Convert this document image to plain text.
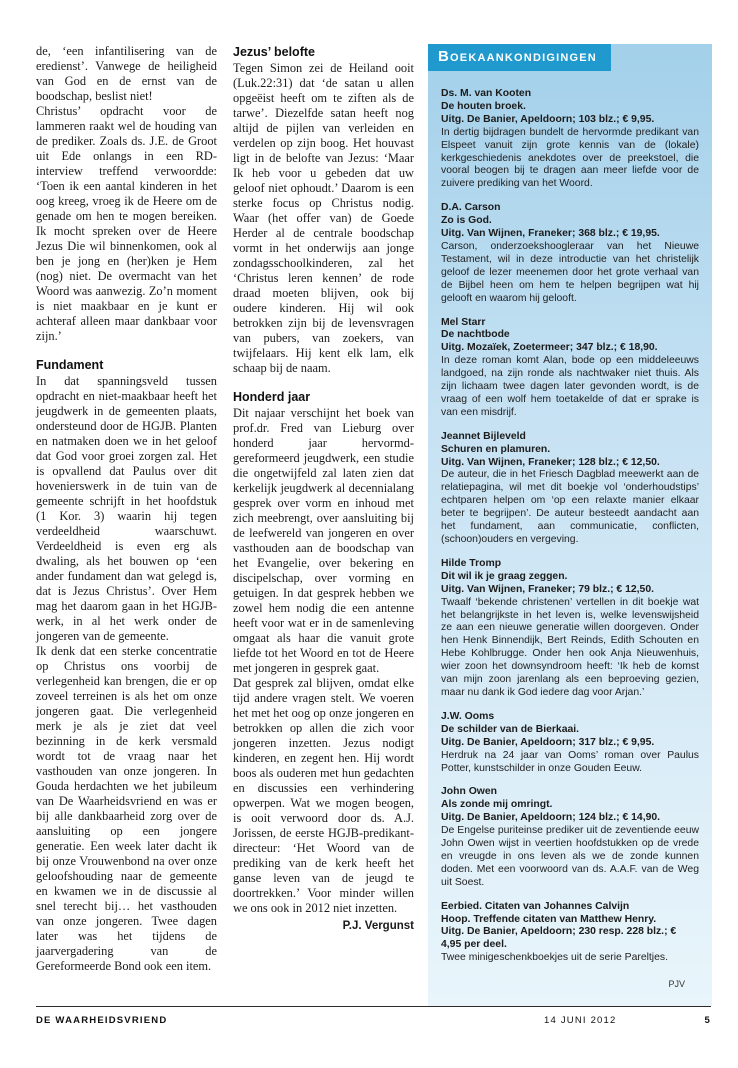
de, ‘een infantilisering van de eredienst’. Vanwege de heiligheid van God en de ernst van de boodschap, beslist niet!

Christus’ opdracht voor de lammeren raakt wel de houding van de prediker. Zoals ds. J.E. de Groot uit Ede onlangs in een RD-interview treffend verwoordde: ‘Toen ik een aantal kinderen in het oog kreeg, vroeg ik de Heere om de genade om hen te mogen bereiken. Ik mocht spreken over de Heere Jezus Die wil binnenkomen, ook al ben je jong en (her)ken je Hem (nog) niet. De overmacht van het Woord was aanwezig. Zo’n moment is niet maakbaar en je kunt er achteraf alleen maar dankbaar voor zijn.’

Fundament

In dat spanningsveld tussen opdracht en niet-maakbaar heeft het jeugdwerk in de gemeenten plaats, ondersteund door de HGJB. Planten en natmaken doen we in het geloof dat God voor groei zorgen zal. Het is opvallend dat Paulus over dit hovenierswerk in de tuin van de gemeente schrijft in het hoofdstuk (1 Kor. 3) waarin hij tegen verdeeldheid waarschuwt. Verdeeldheid is even erg als dwaling, als het bouwen op ‘een ander fundament dan wat gelegd is, dat is Jezus Christus’. Over Hem mag het daarom gaan in het HGJB-werk, in al het werk onder de jongeren van de gemeente.

Ik denk dat een sterke concentratie op Christus ons voorbij de verlegenheid kan brengen, die er op zoveel terreinen is als het om onze jongeren gaat. Die verlegenheid merk je als je ziet dat veel bezinning in de kerk versmald wordt tot de vraag naar het vasthouden van onze jongeren. In Gouda herdachten we het jubileum van De Waarheidsvriend en was er bij alle dankbaarheid zorg over de aansluiting op een jongere generatie. Een week later dacht ik bij onze Vrouwenbond na over onze geloofshouding naar de gemeente en kwamen we in de discussie al snel terecht bij… het vasthouden van onze jongeren. Twee dagen later was het tijdens de jaarvergadering van de Gereformeerde Bond ook een item.

Jezus’ belofte

Tegen Simon zei de Heiland ooit (Luk.22:31) dat ‘de satan u allen opgeëist heeft om te ziften als de tarwe’. Diezelfde satan heeft nog altijd de pijlen van verleiden en verdelen op zijn boog. Het houvast ligt in de belofte van Jezus: ‘Maar Ik heb voor u gebeden dat uw geloof niet ophoudt.’ Daarom is een sterke focus op Christus nodig. Waar (het offer van) de Goede Herder al de centrale boodschap vormt in het onderwijs aan jonge zondagsschoolkinderen, zal het ‘Christus leren kennen’ de rode draad moeten blijven, ook bij oudere kinderen. Hij wil ook betrokken zijn bij de levensvragen van pubers, van zoekers, van twijfelaars. Hij kent elk lam, elk schaap bij de naam.

Honderd jaar

Dit najaar verschijnt het boek van prof.dr. Fred van Lieburg over honderd jaar hervormd-gereformeerd jeugdwerk, een studie die ongetwijfeld zal laten zien dat kerkelijk jeugdwerk al decennialang gesprek over vorm en inhoud met zich meebrengt, over aansluiting bij de leefwereld van jongeren en over vasthouden aan de boodschap van het Evangelie, over bekering en discipelschap, over vorming en getuigen. In dat gesprek hebben we zowel hem nodig die een antenne heeft voor wat er in de samenleving omgaat als haar die vanuit grote liefde tot het Woord en tot de Heere met jongeren in gesprek gaat.

Dat gesprek zal blijven, omdat elke tijd andere vragen stelt. We voeren het met het oog op onze jongeren en betrokken op allen die zich voor jongeren inzetten. Jezus nodigt kinderen, en zegent hen. Hij wordt boos als ouderen met hun gedachten en discussies een verhindering opwerpen. Wat we mogen beogen, is ooit verwoord door ds. A.J. Jorissen, de eerste HGJB-predikant-directeur: ‘Het Woord van de prediking van de kerk heeft het ganse leven van de jeugd te doortrekken.’ Voor minder willen we ons ook in 2012 niet inzetten.

P.J. Vergunst
Boekaankondigingen
Ds. M. van Kooten
De houten broek.
Uitg. De Banier, Apeldoorn; 103 blz.; € 9,95.
In dertig bijdragen bundelt de hervormde predikant van Elspeet vanuit zijn grote kennis van de (lokale) kerkgeschiedenis anekdotes over de preekstoel, die vooral beogen bij te dragen aan meer liefde voor de zuivere prediking van het Woord.
D.A. Carson
Zo is God.
Uitg. Van Wijnen, Franeker; 368 blz.; € 19,95.
Carson, onderzoekshoogleraar van het Nieuwe Testament, wil in deze introductie van het christelijk geloof de lezer meenemen door het grote verhaal van de Bijbel heen om hem te helpen begrijpen wat hij gelooft en waarom hij gelooft.
Mel Starr
De nachtbode
Uitg. Mozaïek, Zoetermeer; 347 blz.; € 18,90.
In deze roman komt Alan, bode op een middeleeuws landgoed, na zijn ronde als nachtwaker niet thuis. Als zijn lichaam twee dagen later gevonden wordt, is de vraag of een wolf hem toetakelde of dat er sprake is van een misdrijf.
Jeannet Bijleveld
Schuren en plamuren.
Uitg. Van Wijnen, Franeker; 128 blz.; € 12,50.
De auteur, die in het Friesch Dagblad meewerkt aan de relatiepagina, wil met dit boekje vol ‘onderhoudstips’ echtparen helpen om ‘op een relaxte manier elkaar beter te begrijpen’. De auteur besteedt aandacht aan het fundament, aan communicatie, conflicten, (schoon)ouders en vergeving.
Hilde Tromp
Dit wil ik je graag zeggen.
Uitg. Van Wijnen, Franeker; 79 blz.; € 12,50.
Twaalf ‘bekende christenen’ vertellen in dit boekje wat het belangrijkste in het leven is, welke levenswijsheid ze aan een nieuwe generatie willen doorgeven. Onder hen Henk Binnendijk, Bert Reinds, Edith Schouten en Hebe Kohlbrugge. Onder hen ook Anja Nieuwenhuis, wier zoon het downsyndroom heeft: ‘Ik heb de komst van mijn zoon jarenlang als een beproeving gezien, maar nu dank ik God iedere dag voor Arjan.’
J.W. Ooms
De schilder van de Bierkaai.
Uitg. De Banier, Apeldoorn; 317 blz.; € 9,95.
Herdruk na 24 jaar van Ooms’ roman over Paulus Potter, kunstschilder in onze Gouden Eeuw.
John Owen
Als zonde mij omringt.
Uitg. De Banier, Apeldoorn; 124 blz.; € 14,90.
De Engelse puriteinse prediker uit de zeventiende eeuw John Owen wijst in veertien hoofdstukken op de vrede en vreugde in ons leven als we de zonde kunnen doden. Met een voorwoord van ds. A.A.F. van de Weg uit Soest.
Eerbied. Citaten van Johannes Calvijn
Hoop. Treffende citaten van Matthew Henry.
Uitg. De Banier, Apeldoorn; 230 resp. 228 blz.; € 4,95 per deel.
Twee minigeschenkboekjes uit de serie Pareltjes.
PJV
DE WAARHEIDSVRIEND	14 JUNI 2012	5
